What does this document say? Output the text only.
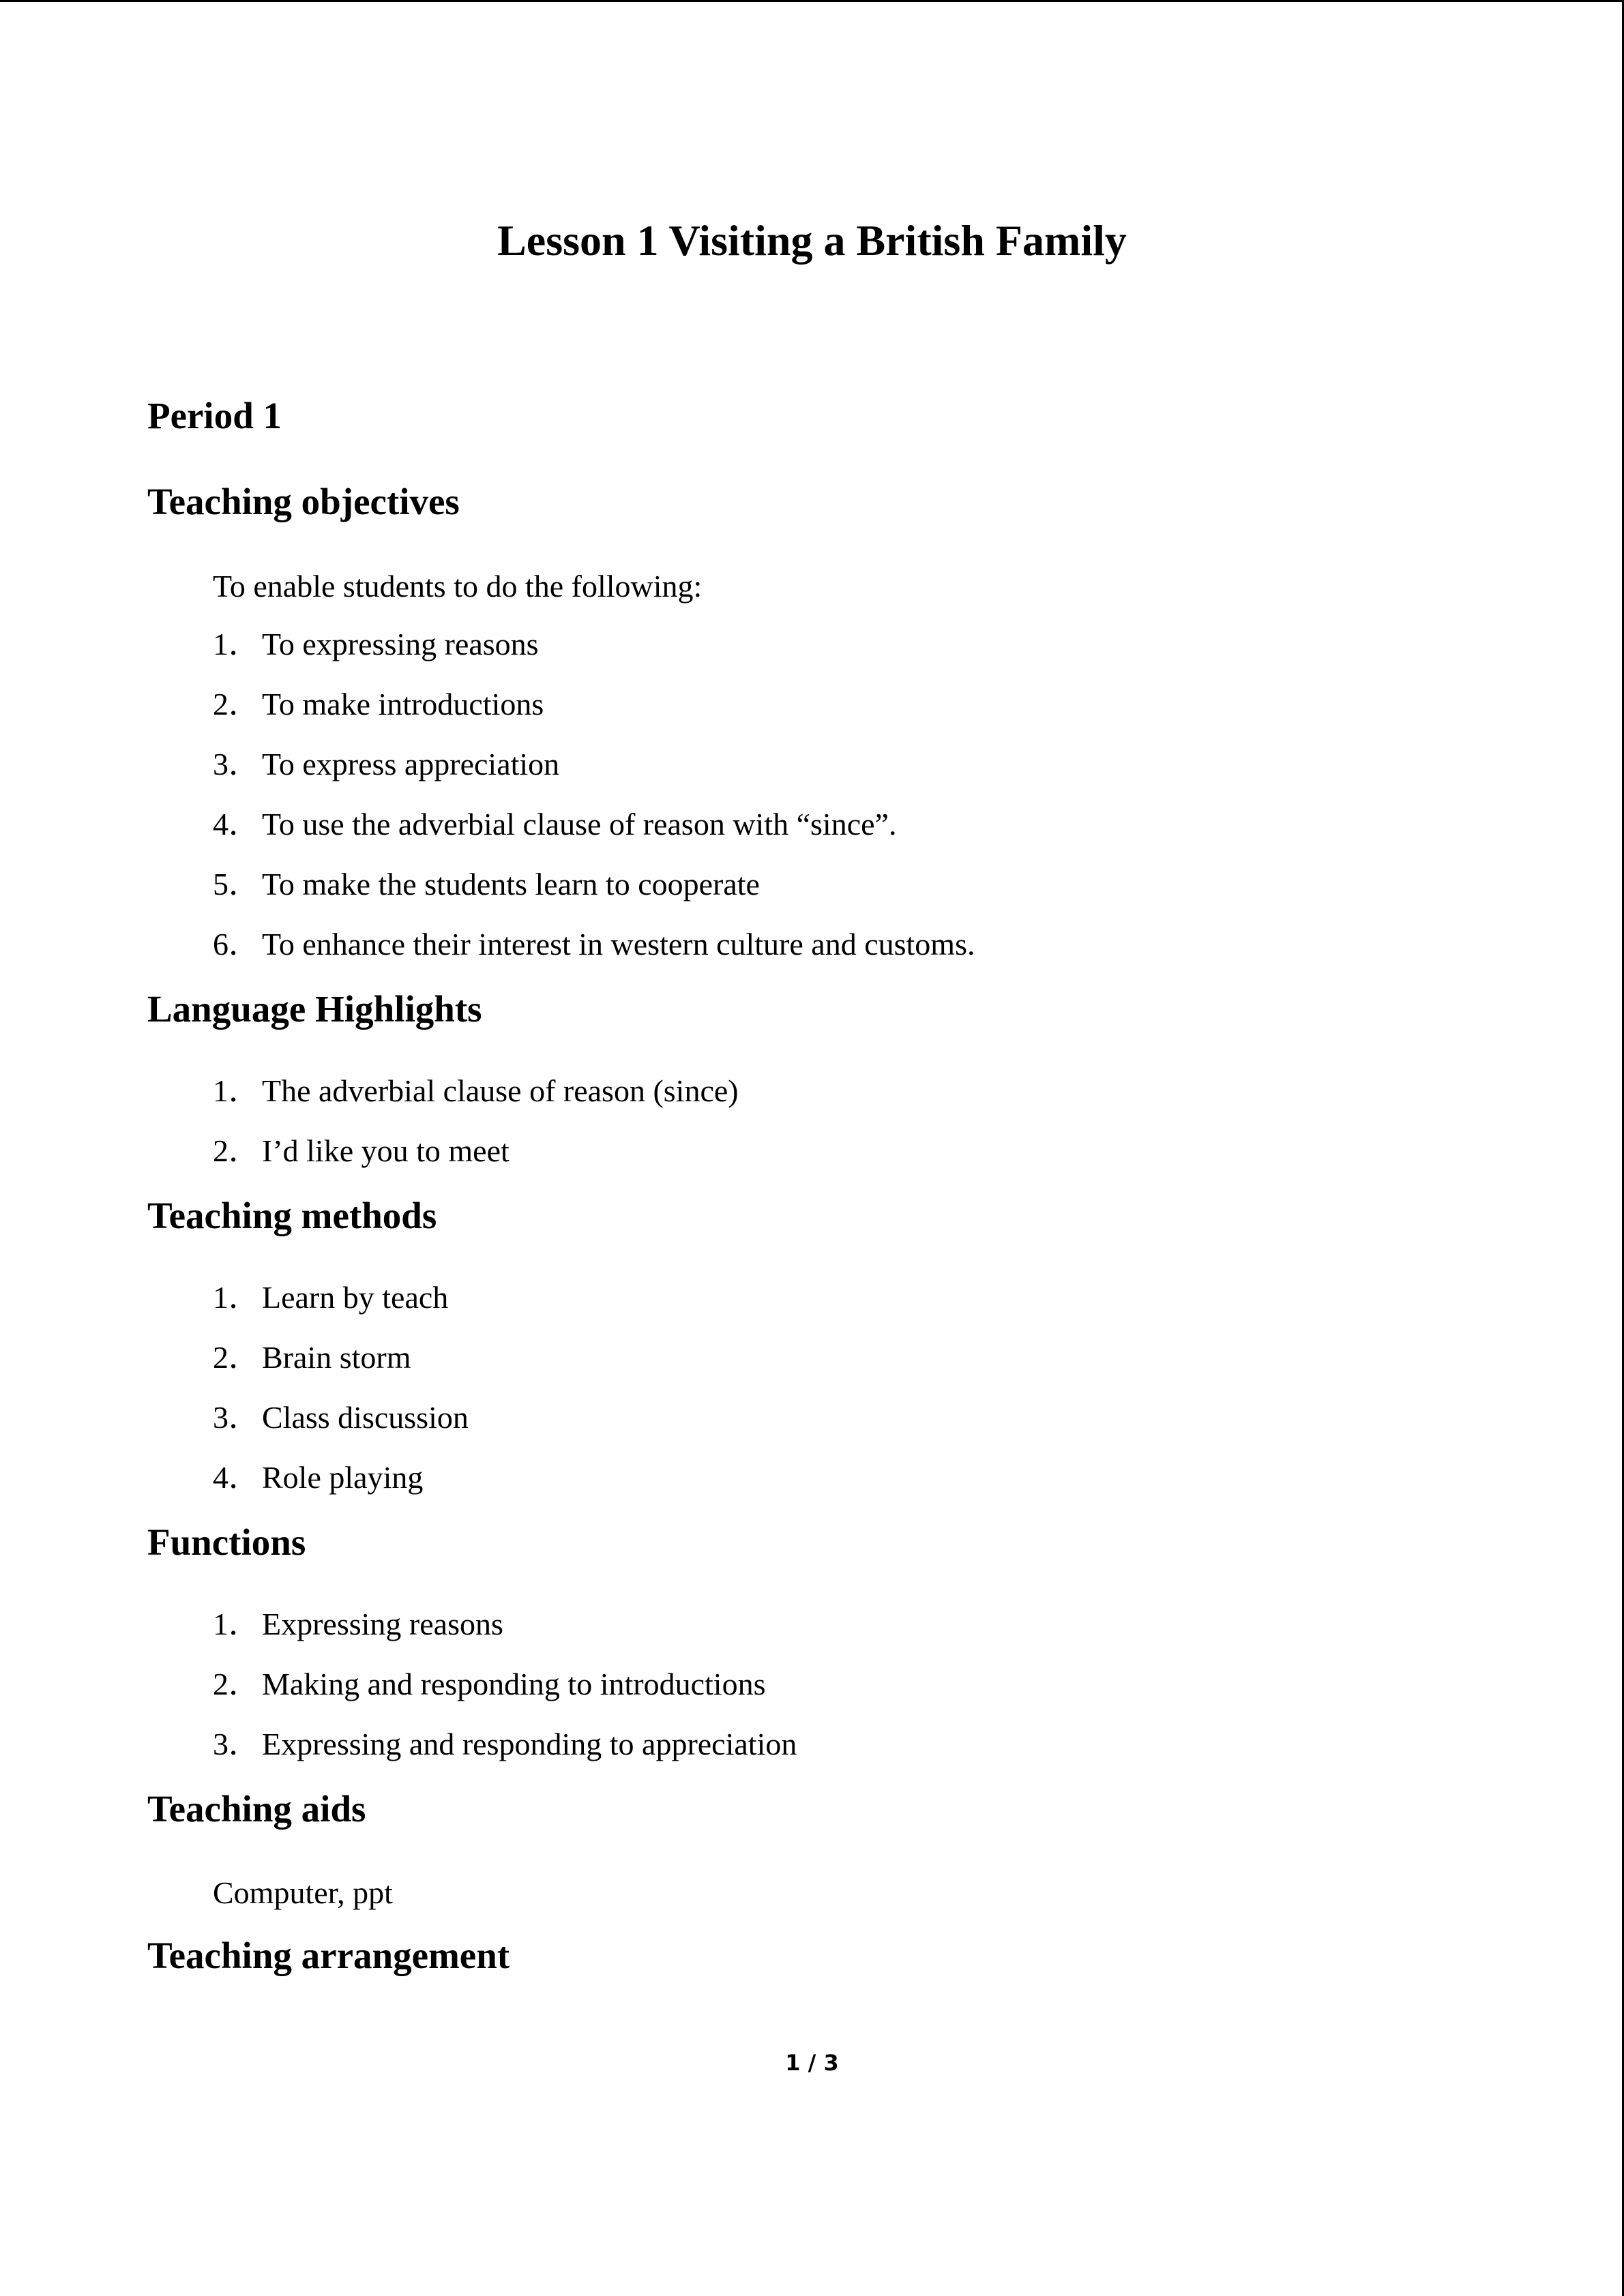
Lesson 1 Visiting a British Family
Period 1
Teaching objectives
To enable students to do the following:
1．To expressing reasons
2．To make introductions
3．To express appreciation
4．To use the adverbial clause of reason with “since”.
5．To make the students learn to cooperate
6．To enhance their interest in western culture and customs.
Language Highlights
1．The adverbial clause of reason (since)
2．I’d like you to meet
Teaching methods
1．Learn by teach
2．Brain storm
3．Class discussion
4．Role playing
Functions
1．Expressing reasons
2．Making and responding to introductions
3．Expressing and responding to appreciation
Teaching aids
Computer, ppt
Teaching arrangement
1 / 3
